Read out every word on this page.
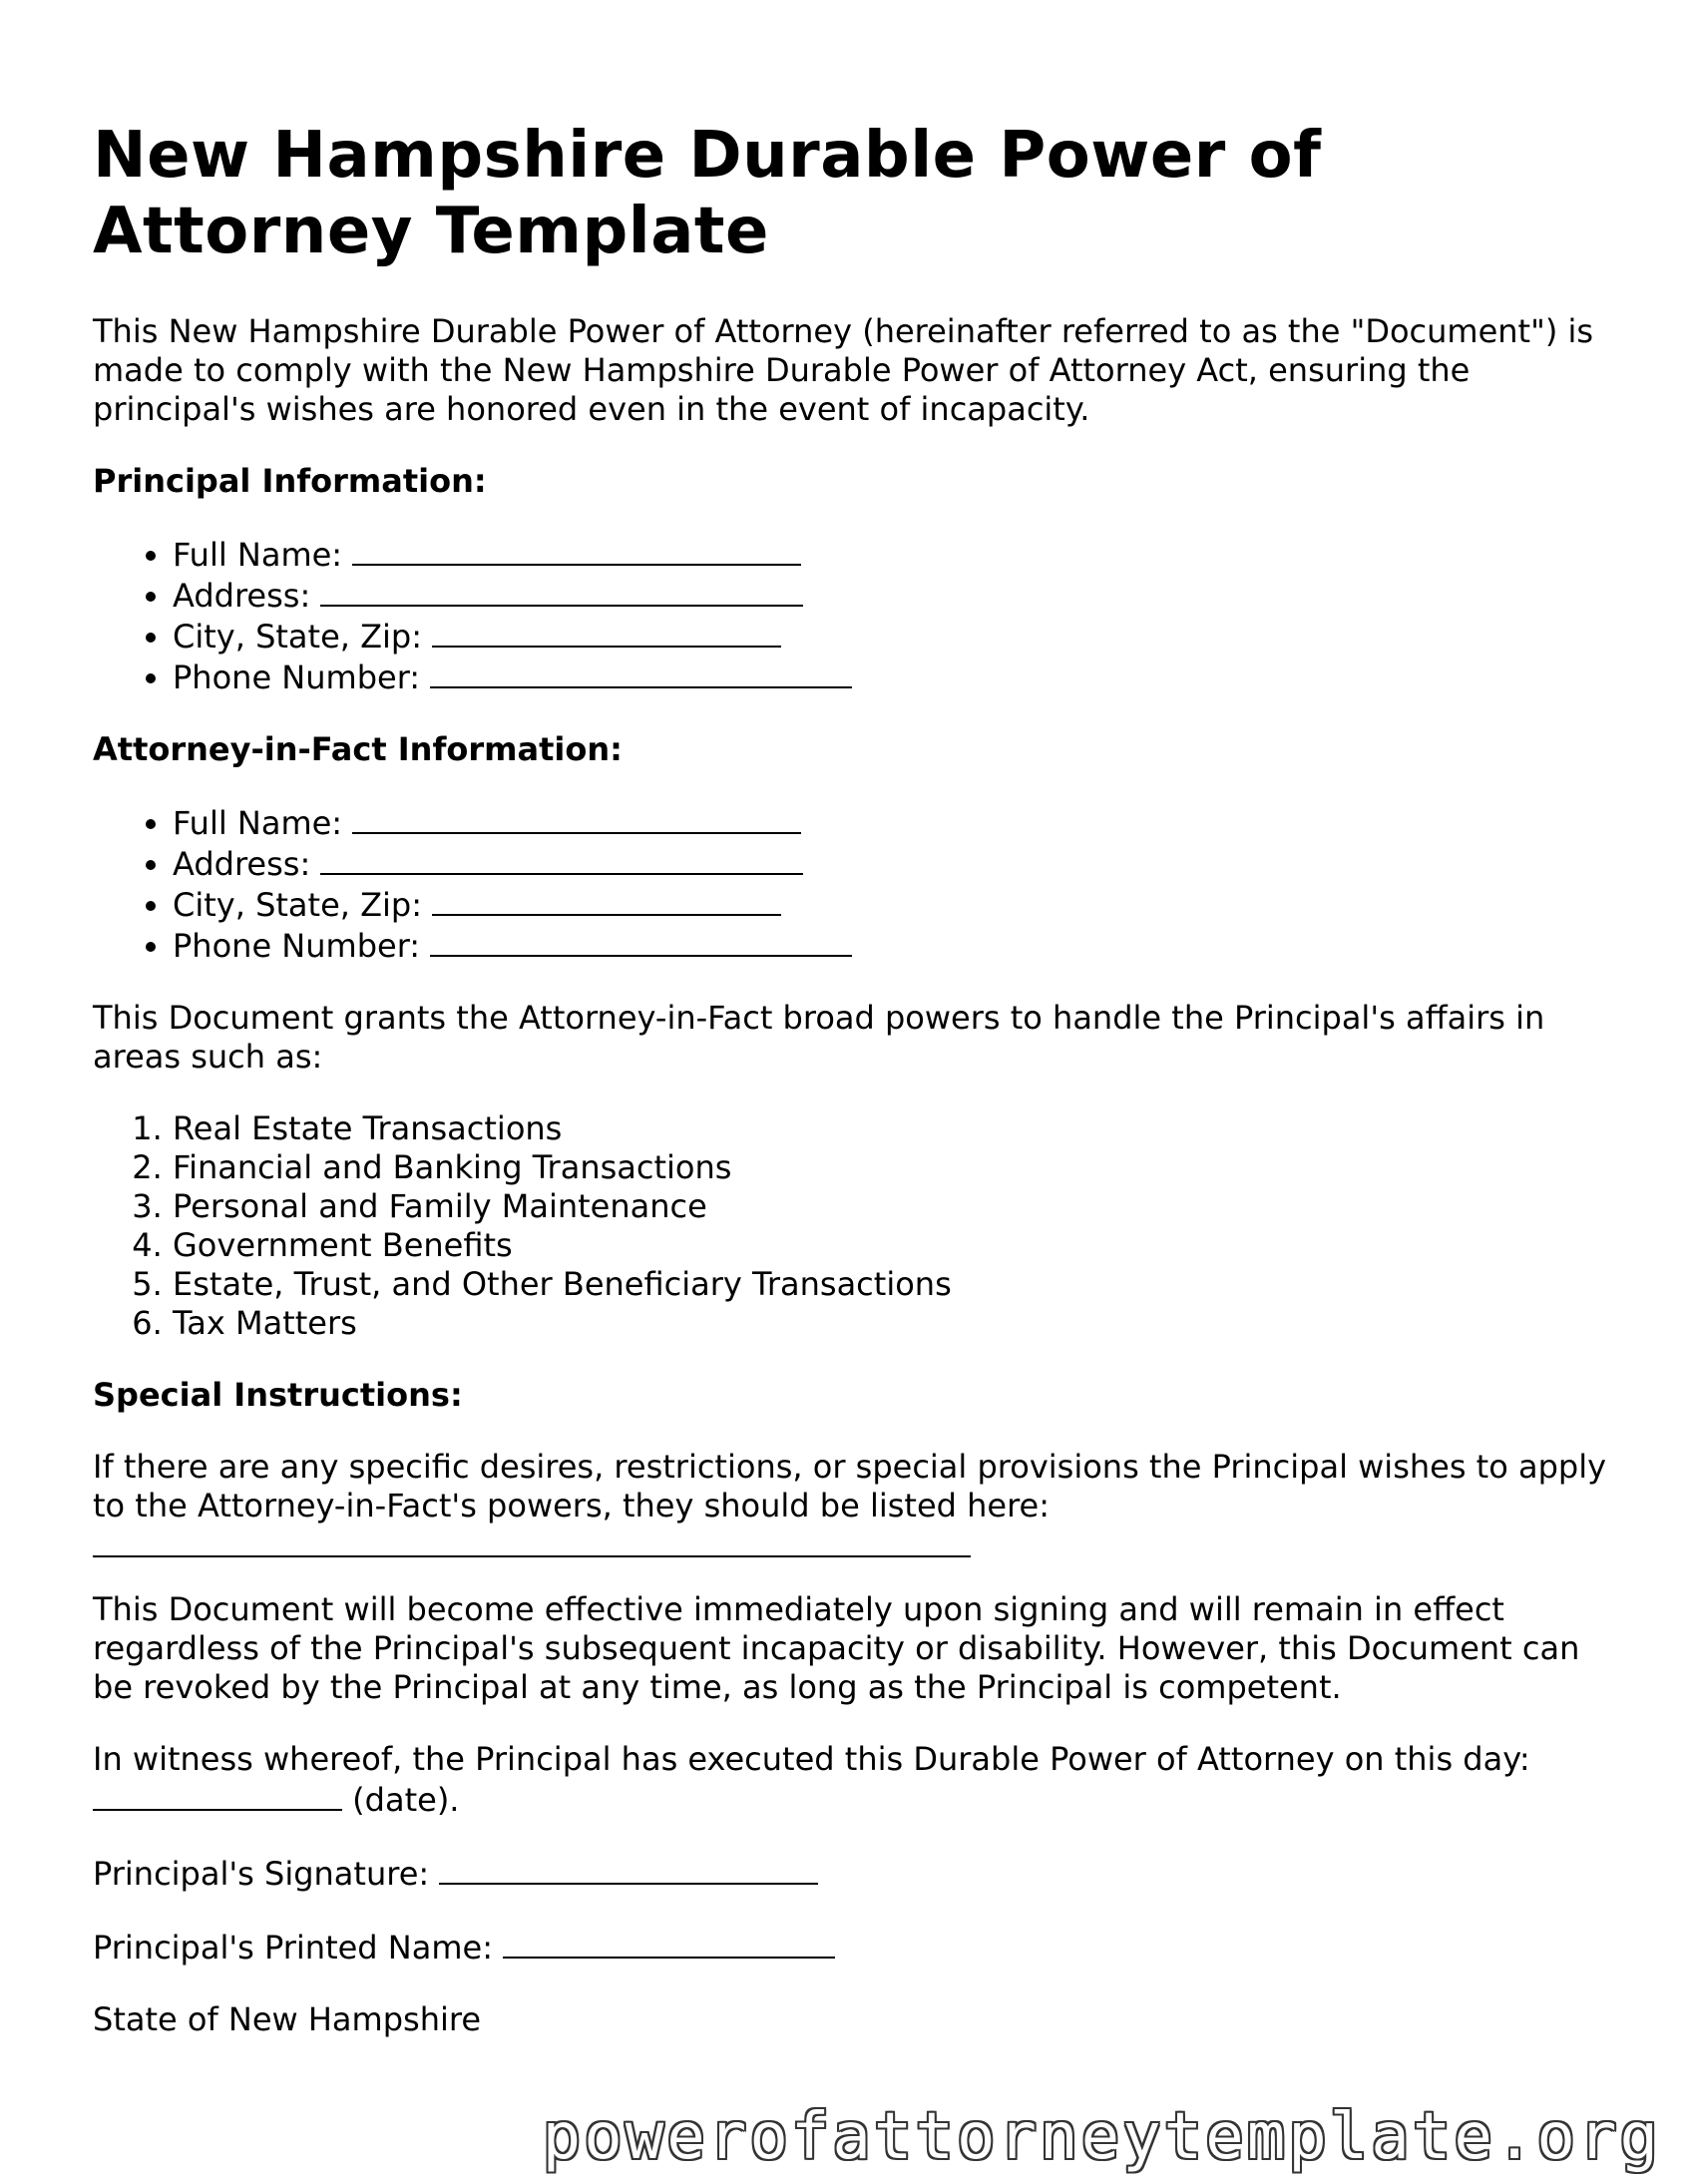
New Hampshire Durable Power of Attorney Template

This New Hampshire Durable Power of Attorney (hereinafter referred to as the "Document") is made to comply with the New Hampshire Durable Power of Attorney Act, ensuring the principal's wishes are honored even in the event of incapacity.

Principal Information:
• Full Name:
• Address:
• City, State, Zip:
• Phone Number:
Attorney-in-Fact Information:
• Full Name:
• Address:
• City, State, Zip:
• Phone Number:

This Document grants the Attorney-in-Fact broad powers to handle the Principal's affairs in areas such as:

1. Real Estate Transactions
2. Financial and Banking Transactions
3. Personal and Family Maintenance
4. Government Benefits
5. Estate, Trust, and Other Beneficiary Transactions
6. Tax Matters
Special Instructions:

If there are any specific desires, restrictions, or special provisions the Principal wishes to apply to the Attorney-in-Fact's powers, they should be listed here:

This Document will become effective immediately upon signing and will remain in effect regardless of the Principal's subsequent incapacity or disability. However, this Document can be revoked by the Principal at any time, as long as the Principal is competent.

In witness whereof, the Principal has executed this Durable Power of Attorney on this day:
(date).

Principal's Signature:

Principal's Printed Name:

State of New Hampshire

powerofattorneytemplate.org
